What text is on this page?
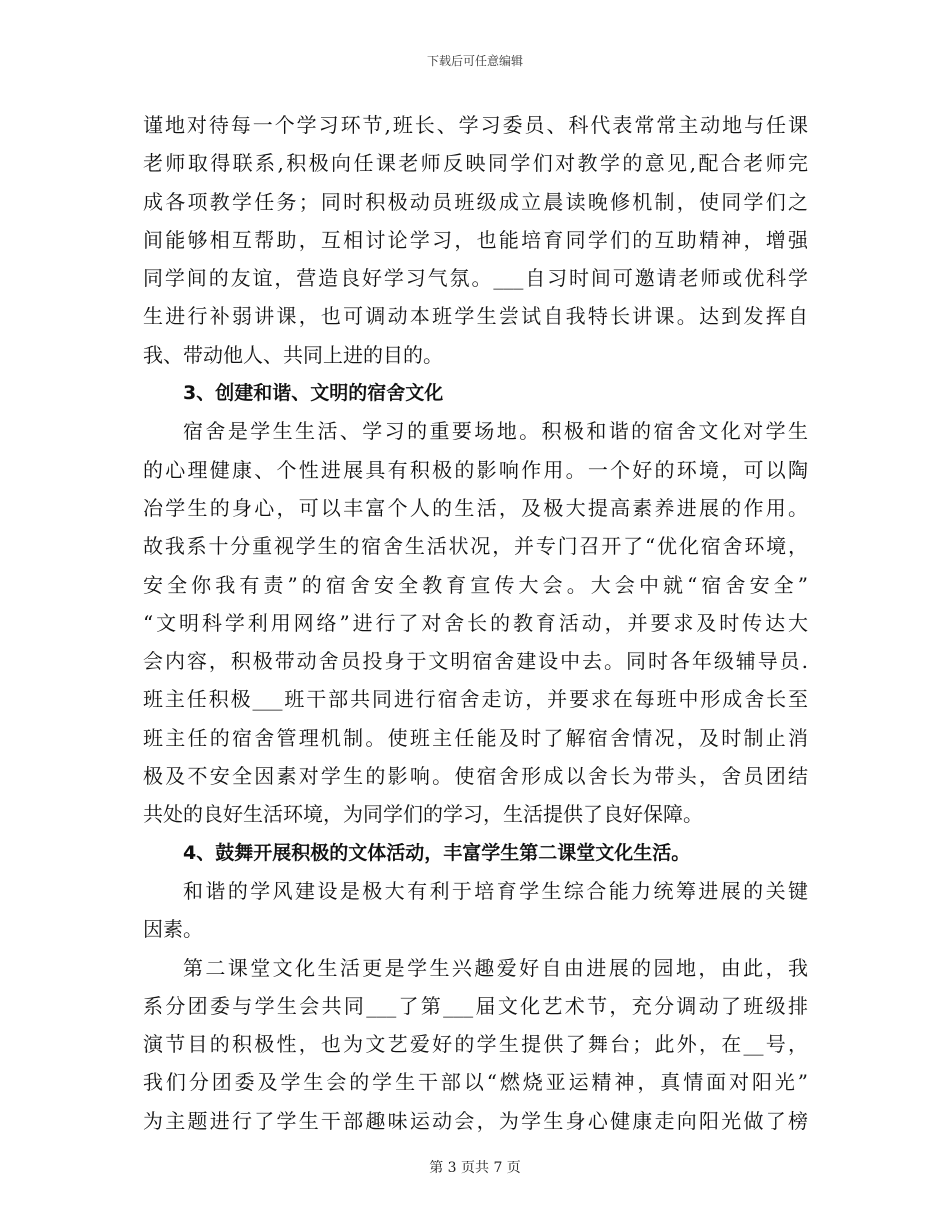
下载后可任意编辑
谨地对待每一个学习环节,班长、学习委员、科代表常常主动地与任课
老师取得联系,积极向任课老师反映同学们对教学的意见,配合老师完
成各项教学任务；同时积极动员班级成立晨读晚修机制，使同学们之
间能够相互帮助，互相讨论学习，也能培育同学们的互助精神，增强
同学间的友谊，营造良好学习气氛。___自习时间可邀请老师或优科学
生进行补弱讲课，也可调动本班学生尝试自我特长讲课。达到发挥自
我、带动他人、共同上进的目的。
3、创建和谐、文明的宿舍文化
宿舍是学生生活、学习的重要场地。积极和谐的宿舍文化对学生
的心理健康、个性进展具有积极的影响作用。一个好的环境，可以陶
冶学生的身心，可以丰富个人的生活，及极大提高素养进展的作用。
故我系十分重视学生的宿舍生活状况，并专门召开了“优化宿舍环境，
安全你我有责”的宿舍安全教育宣传大会。大会中就“宿舍安全”
“文明科学利用网络”进行了对舍长的教育活动，并要求及时传达大
会内容，积极带动舍员投身于文明宿舍建设中去。同时各年级辅导员.
班主任积极___班干部共同进行宿舍走访，并要求在每班中形成舍长至
班主任的宿舍管理机制。使班主任能及时了解宿舍情况，及时制止消
极及不安全因素对学生的影响。使宿舍形成以舍长为带头，舍员团结
共处的良好生活环境，为同学们的学习，生活提供了良好保障。
4、鼓舞开展积极的文体活动，丰富学生第二课堂文化生活。
和谐的学风建设是极大有利于培育学生综合能力统筹进展的关键
因素。
第二课堂文化生活更是学生兴趣爱好自由进展的园地，由此，我
系分团委与学生会共同___了第___届文化艺术节，充分调动了班级排
演节目的积极性，也为文艺爱好的学生提供了舞台；此外，在__号，
我们分团委及学生会的学生干部以“燃烧亚运精神，真情面对阳光”
为主题进行了学生干部趣味运动会，为学生身心健康走向阳光做了榜
第 3 页共 7 页
